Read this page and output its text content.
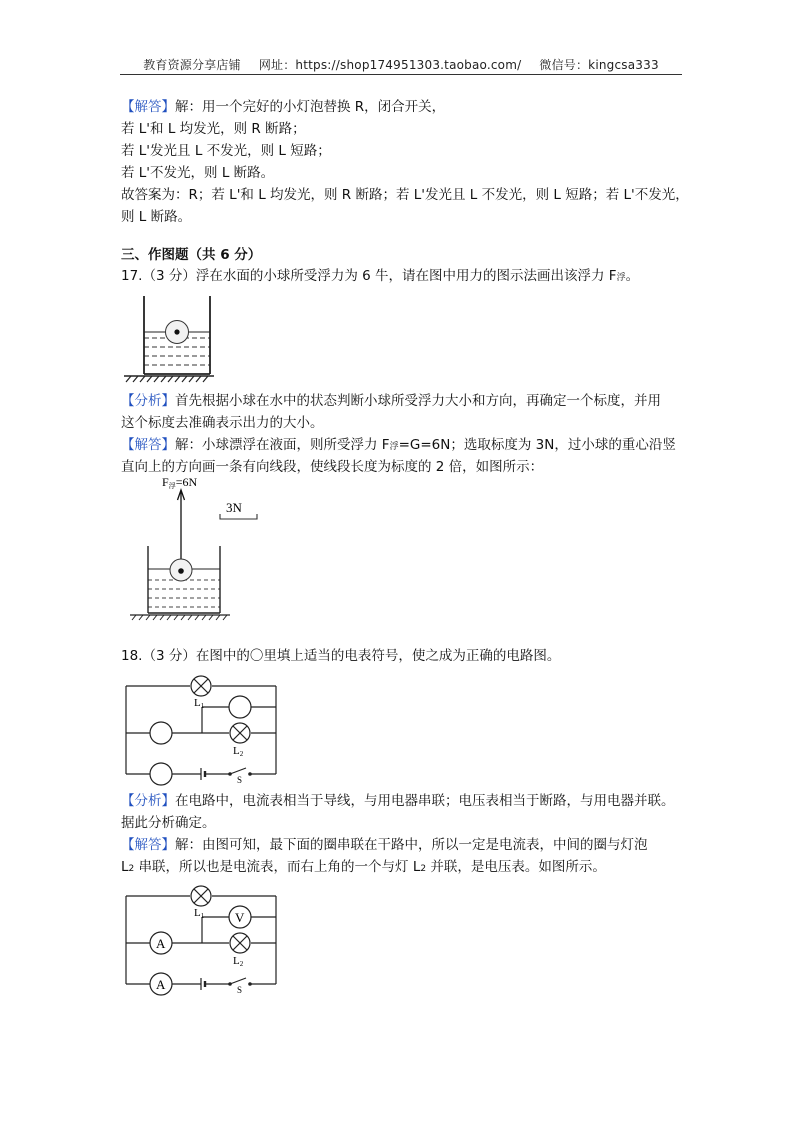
教育资源分享店铺 网址：https://shop174951303.taobao.com/ 微信号：kingcsa333
【解答】解：用一个完好的小灯泡替换 R，闭合开关，
若 L'和 L 均发光，则 R 断路；
若 L'发光且 L 不发光，则 L 短路；
若 L'不发光，则 L 断路。
故答案为：R；若 L'和 L 均发光，则 R 断路；若 L'发光且 L 不发光，则 L 短路；若 L'不发光，
则 L 断路。
三、作图题（共 6 分）
17.（3 分）浮在水面的小球所受浮力为 6 牛，请在图中用力的图示法画出该浮力 F浮。
【分析】首先根据小球在水中的状态判断小球所受浮力大小和方向，再确定一个标度，并用
这个标度去准确表示出力的大小。
【解答】解：小球漂浮在液面，则所受浮力 F浮=G=6N；选取标度为 3N，过小球的重心沿竖
直向上的方向画一条有向线段，使线段长度为标度的 2 倍，如图所示：
F浮=6N
3N
18.（3 分）在图中的〇里填上适当的电表符号，使之成为正确的电路图。
L1
L2
S
【分析】在电路中，电流表相当于导线，与用电器串联；电压表相当于断路，与用电器并联。
据此分析确定。
【解答】解：由图可知，最下面的圈串联在干路中，所以一定是电流表，中间的圈与灯泡
L2 串联，所以也是电流表，而右上角的一个与灯 L2 并联，是电压表。如图所示。
V
A
A
L1
L2
S
